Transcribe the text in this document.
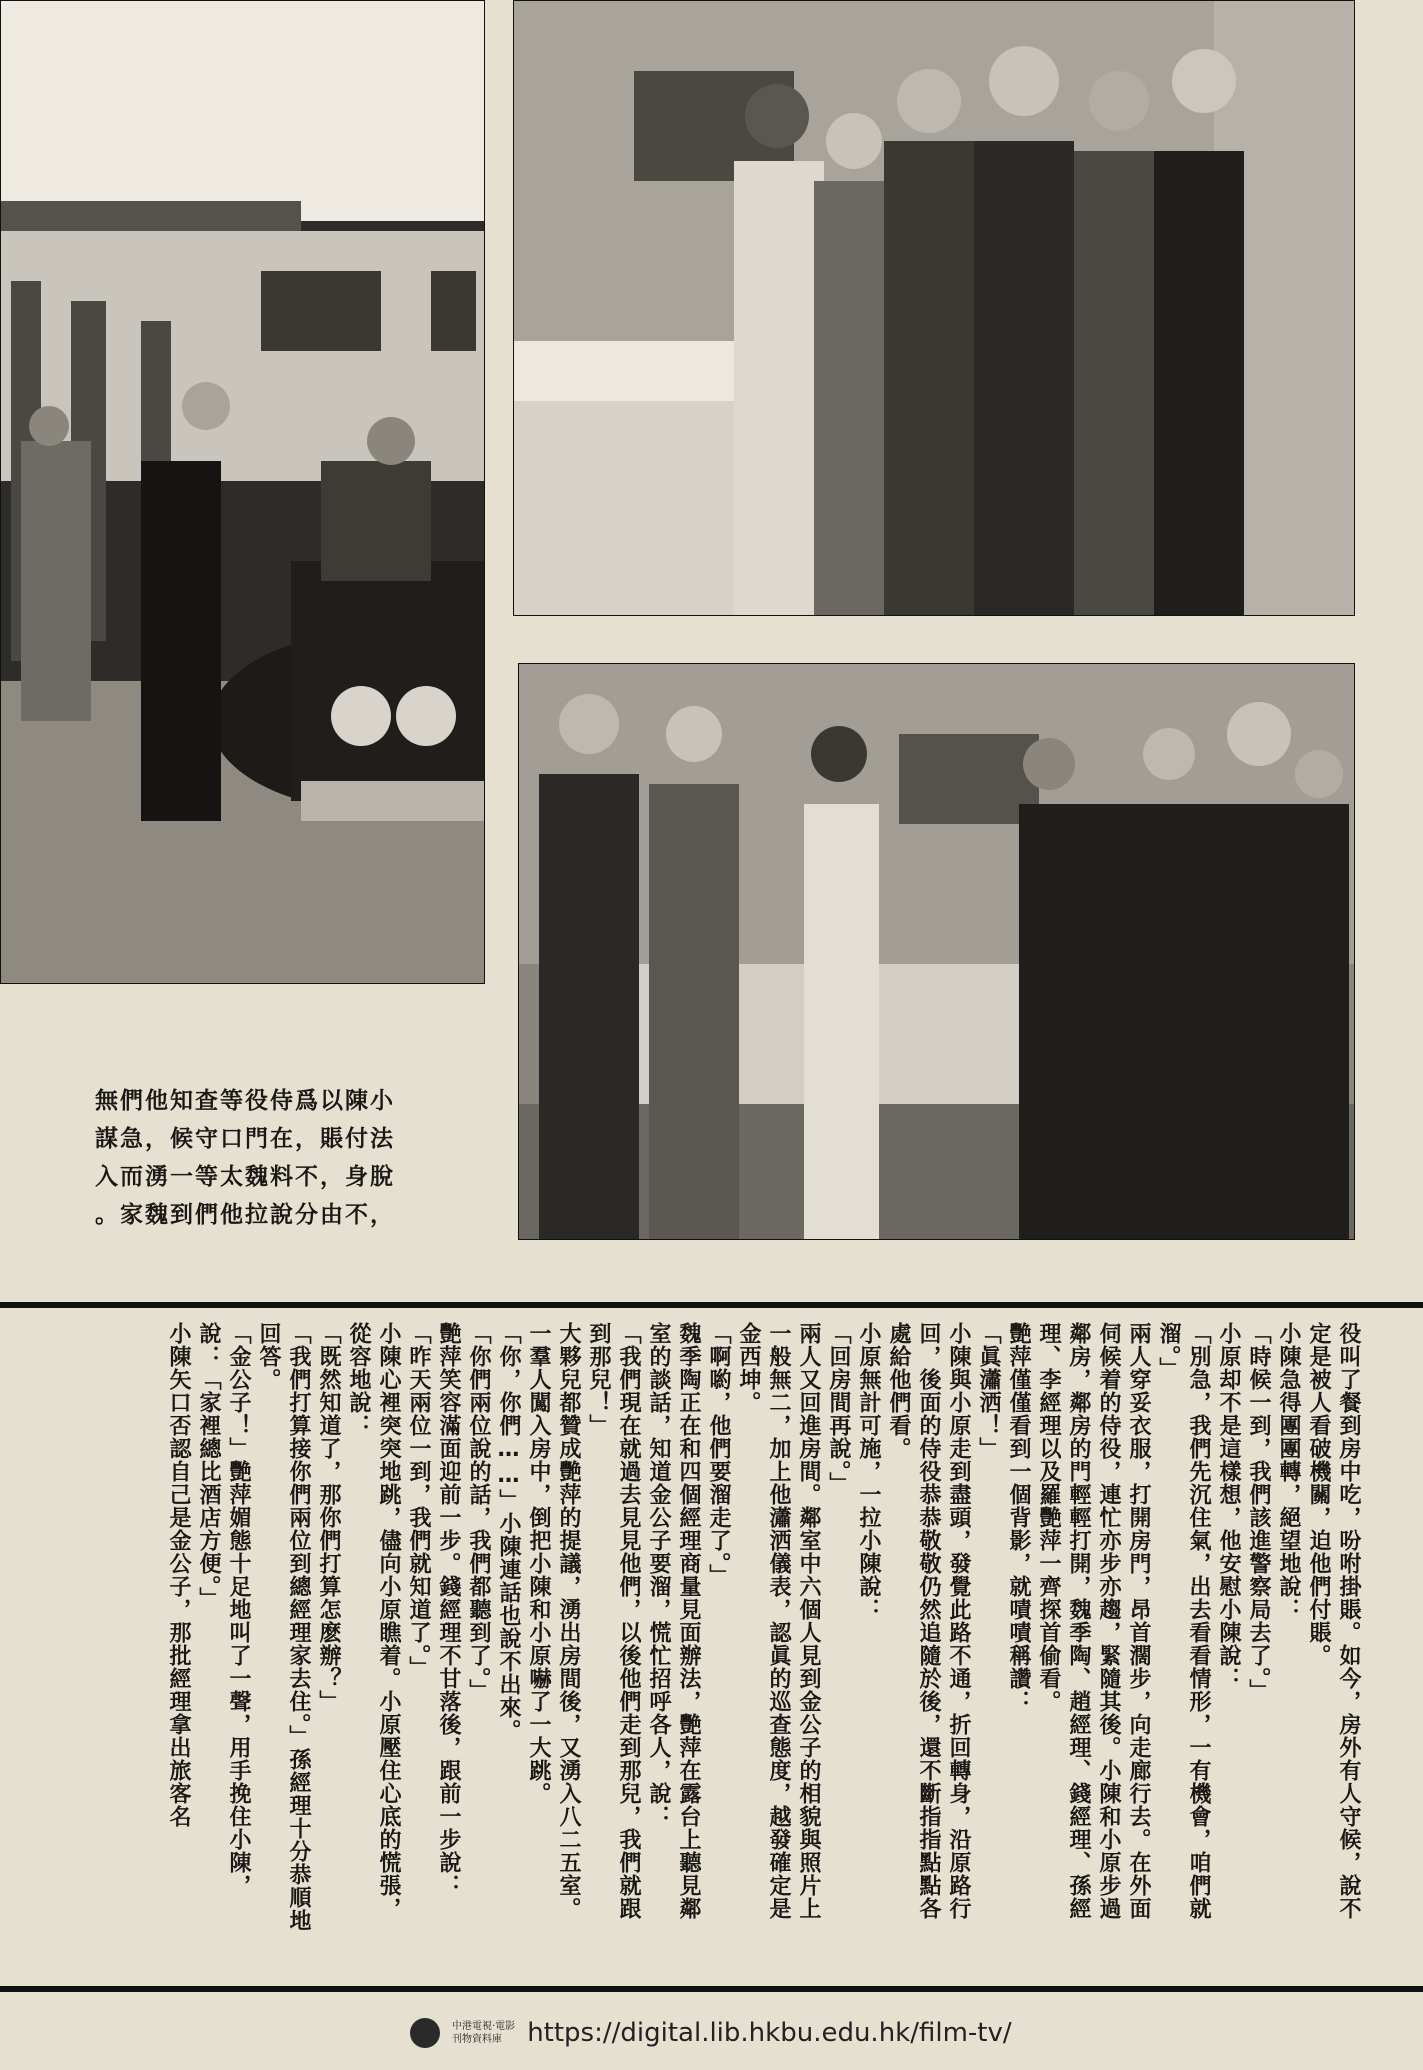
無們他知查等役侍爲以陳小
謀急，候守口門在，賬付法
入而湧一等太魏料不，身脫
。家魏到們他拉說分由不，

役叫了餐到房中吃，吩咐掛賬。如今，房外有人守候，說不定是被人看破機關，迫他們付賬。

小陳急得團團轉，絕望地說：

「時候一到，我們該進警察局去了。」

小原却不是這樣想，他安慰小陳說：

「別急，我們先沉住氣，出去看看情形，一有機會，咱們就溜。」

兩人穿妥衣服，打開房門，昂首濶步，向走廊行去。在外面伺候着的侍役，連忙亦步亦趨，緊隨其後。小陳和小原步過鄰房，鄰房的門輕輕打開，魏季陶、趙經理、錢經理、孫經理、李經理以及羅艷萍一齊探首偷看。

艷萍僅僅看到一個背影，就嘖嘖稱讚：

「眞瀟洒！」

小陳與小原走到盡頭，發覺此路不通，折回轉身，沿原路行回，後面的侍役恭恭敬敬仍然追隨於後，還不斷指指點點各處給他們看。

小原無計可施，一拉小陳說：

「回房間再說。」

兩人又回進房間。鄰室中六個人見到金公子的相貌與照片上一般無二，加上他瀟洒儀表，認眞的巡查態度，越發確定是金西坤。

「啊喲，他們要溜走了。」

魏季陶正在和四個經理商量見面辦法，艷萍在露台上聽見鄰室的談話，知道金公子要溜，慌忙招呼各人，說：

「我們現在就過去見見他們，以後他們走到那兒，我們就跟到那兒！」

大夥兒都贊成艷萍的提議，湧出房間後，又湧入八二五室。

一羣人闖入房中，倒把小陳和小原嚇了一大跳。

「你，你們……」小陳連話也說不出來。

「你們兩位說的話，我們都聽到了。」

艷萍笑容滿面迎前一步。錢經理不甘落後，跟前一步說：

「昨天兩位一到，我們就知道了。」

小陳心裡突突地跳，儘向小原瞧着。小原壓住心底的慌張，從容地說：

「既然知道了，那你們打算怎麽辦？」

「我們打算接你們兩位到總經理家去住。」孫經理十分恭順地回答。

「金公子！」艷萍媚態十足地叫了一聲，用手挽住小陳，說：「家裡總比酒店方便。」

小陳矢口否認自己是金公子，那批經理拿出旅客名

中港電視·電影
刊物資料庫 https://digital.lib.hkbu.edu.hk/film-tv/
